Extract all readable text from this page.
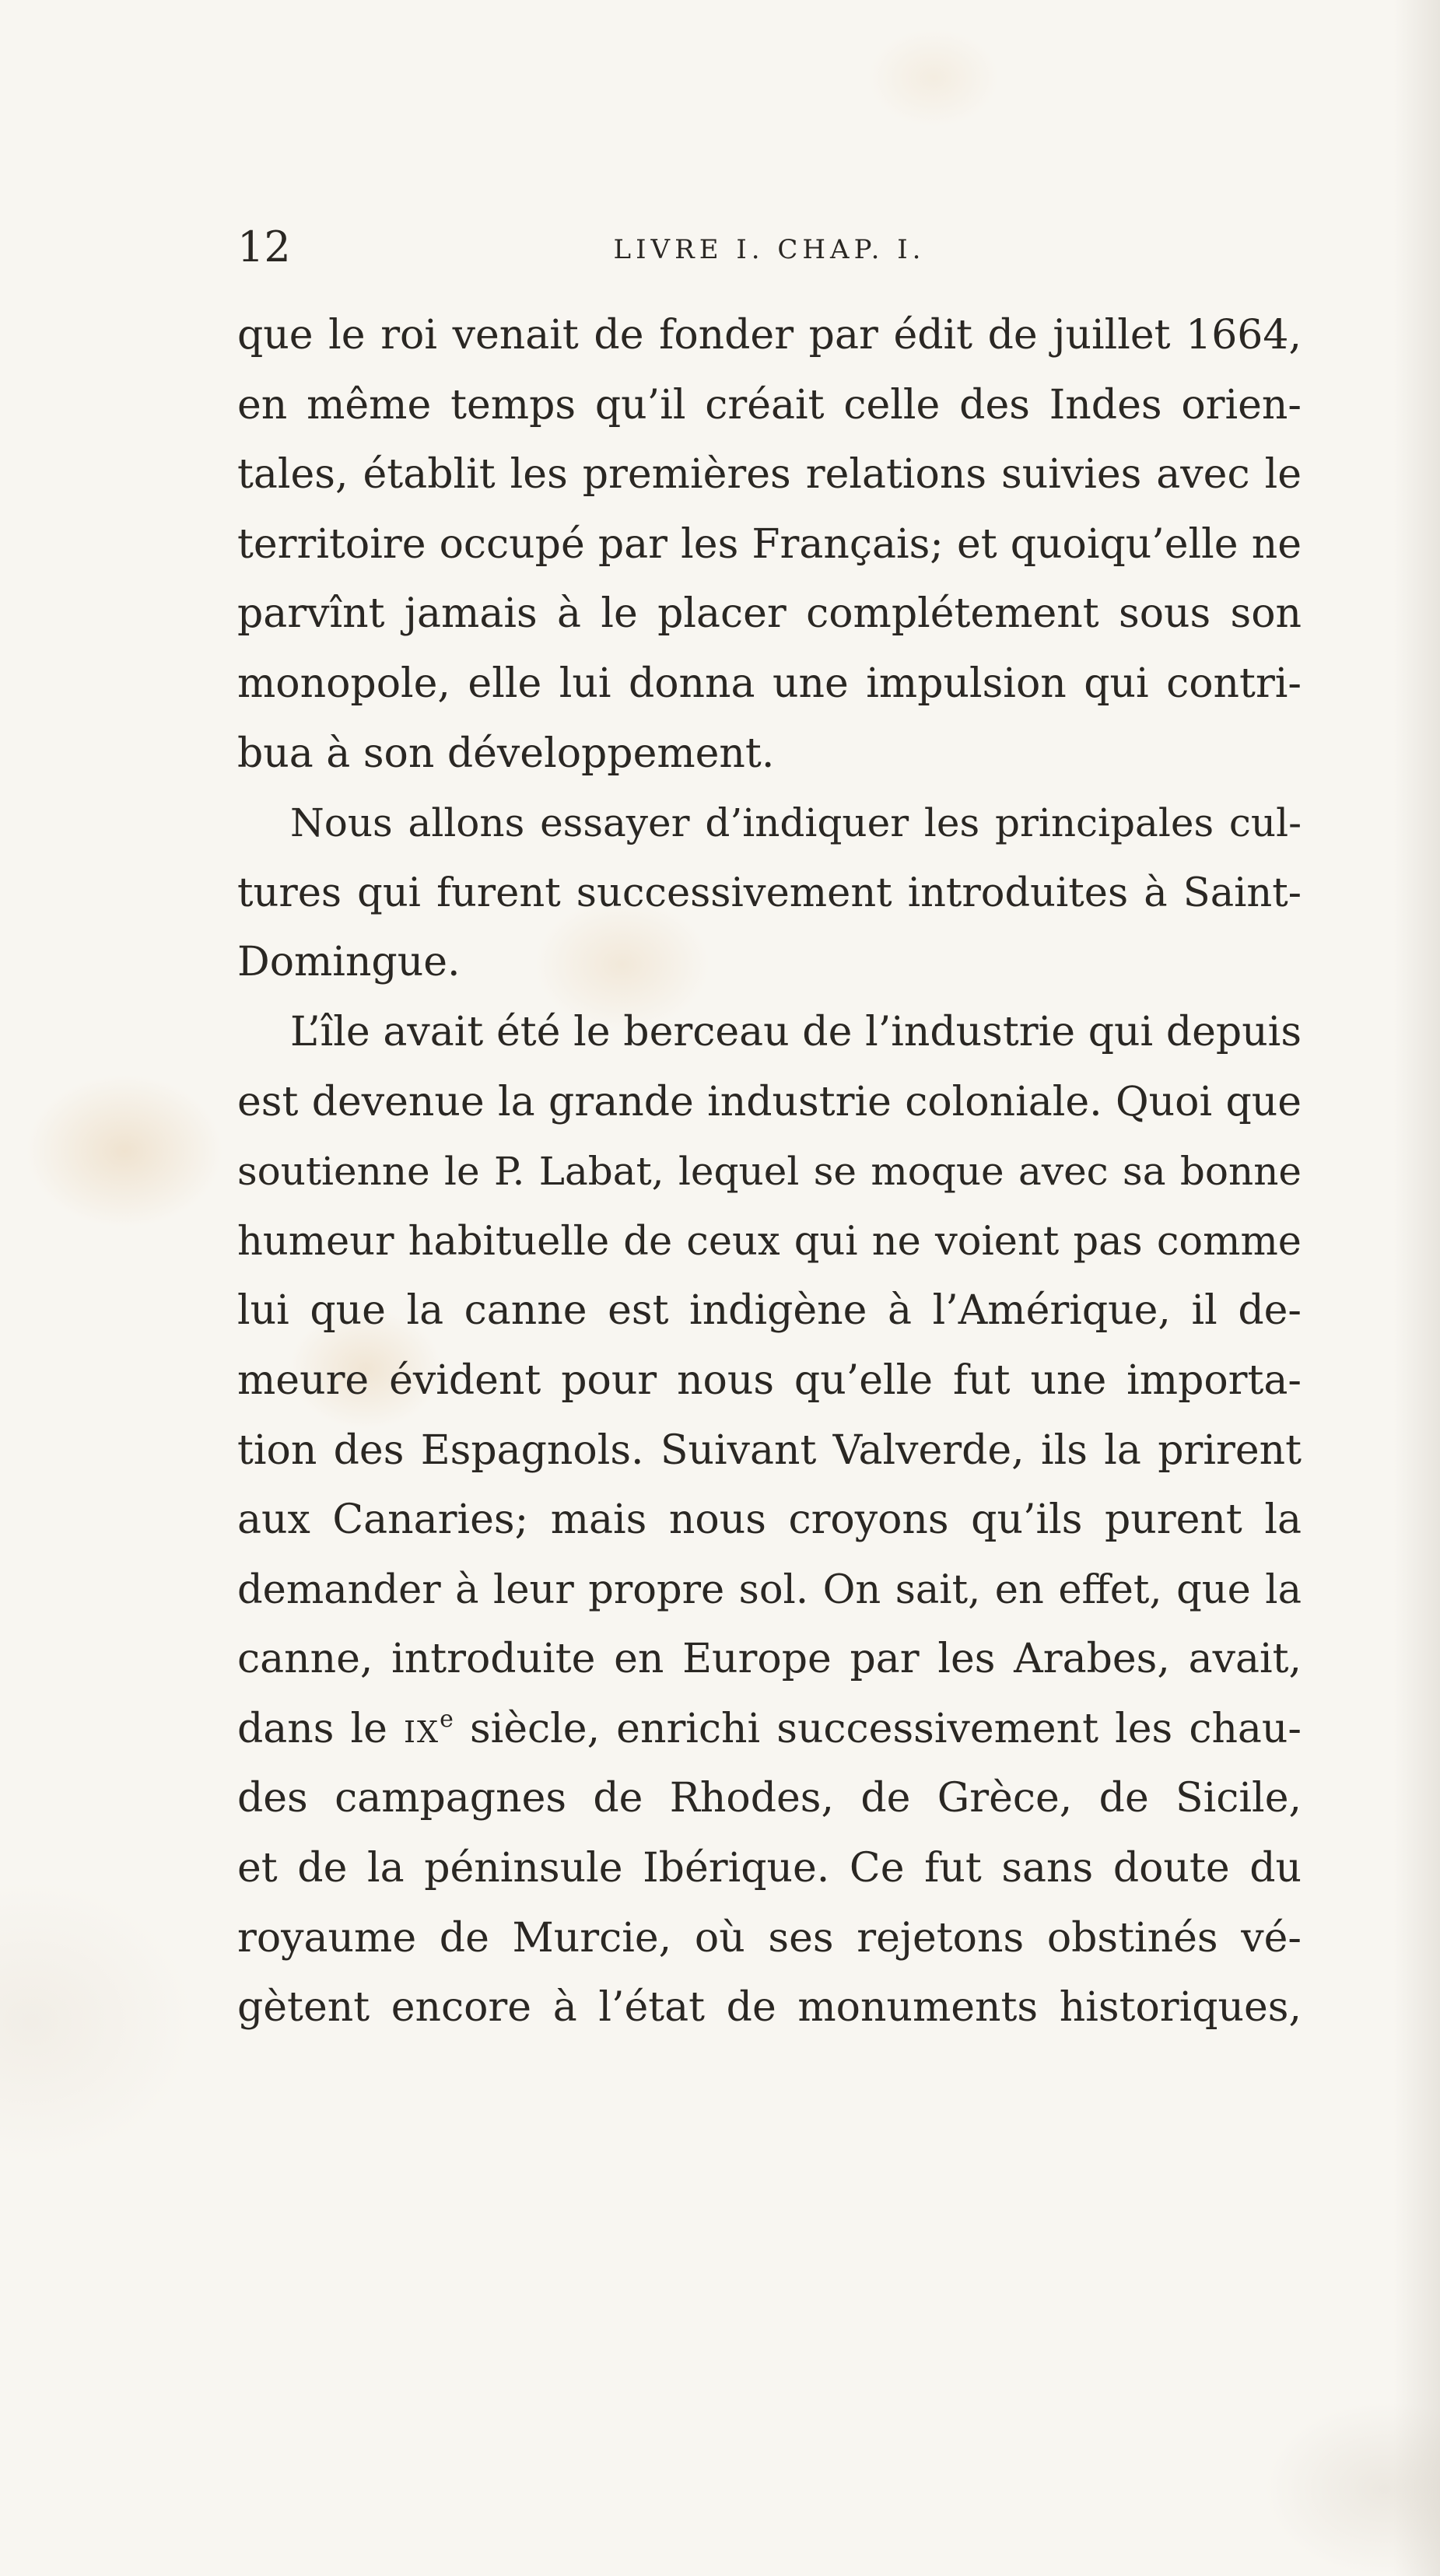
12	LIVRE I. CHAP. I.
que le roi venait de fonder par édit de juillet 1664,
en même temps qu’il créait celle des Indes orien-
tales, établit les premières relations suivies avec le
territoire occupé par les Français; et quoiqu’elle ne
parvînt jamais à le placer complétement sous son
monopole, elle lui donna une impulsion qui contri-
bua à son développement.
Nous allons essayer d’indiquer les principales cul-
tures qui furent successivement introduites à Saint-
Domingue.
L’île avait été le berceau de l’industrie qui depuis
est devenue la grande industrie coloniale. Quoi que
soutienne le P. Labat, lequel se moque avec sa bonne
humeur habituelle de ceux qui ne voient pas comme
lui que la canne est indigène à l’Amérique, il de-
meure évident pour nous qu’elle fut une importa-
tion des Espagnols. Suivant Valverde, ils la prirent
aux Canaries; mais nous croyons qu’ils purent la
demander à leur propre sol. On sait, en effet, que la
canne, introduite en Europe par les Arabes, avait,
dans le IXe siècle, enrichi successivement les chau-
des campagnes de Rhodes, de Grèce, de Sicile,
et de la péninsule Ibérique. Ce fut sans doute du
royaume de Murcie, où ses rejetons obstinés vé-
gètent encore à l’état de monuments historiques,
